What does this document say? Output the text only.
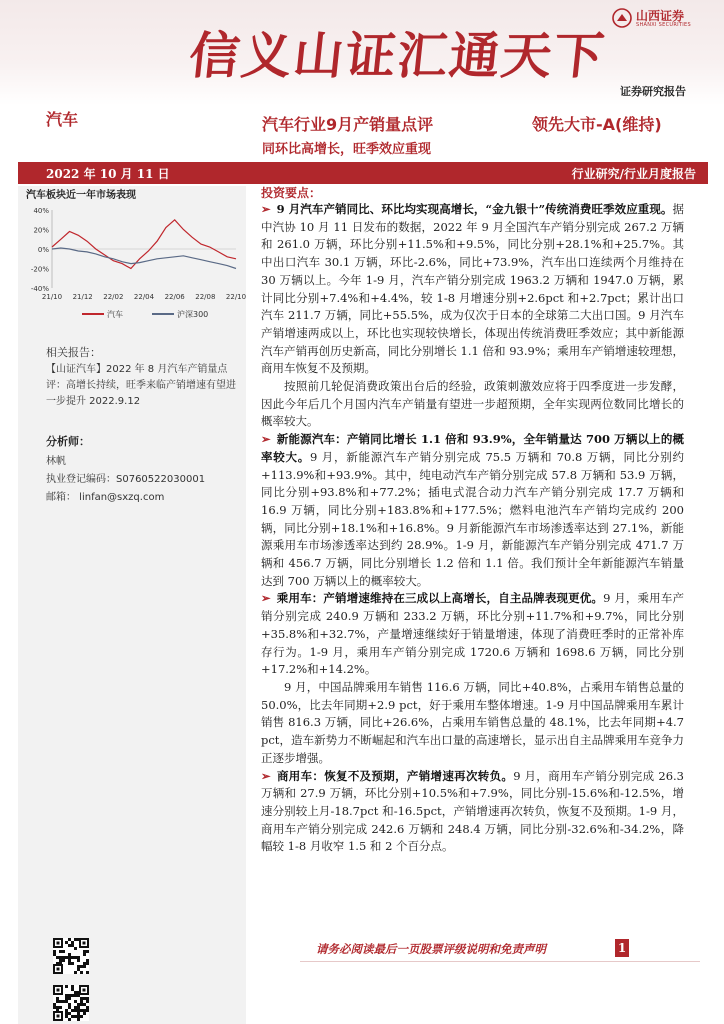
信义山证汇通天下
山西证券
SHANXI SECURITIES
证券研究报告
汽车	汽车行业9月产销量点评	领先大市-A(维持)
同环比高增长，旺季效应重现
2022 年 10 月 11 日	行业研究/行业月度报告
汽车板块近一年市场表现
40%
20%
0%
-20%
-40%
21/10 21/12 22/02 22/04 22/06 22/08 22/10
汽车	沪深300
相关报告：
【山证汽车】2022 年 8 月汽车产销量点评：高增长持续，旺季来临产销增速有望进一步提升 2022.9.12
分析师：
林帆
执业登记编码：S0760522030001
邮箱： linfan@sxzq.com
投资要点：

➢ 9 月汽车产销同比、环比均实现高增长，“金九银十”传统消费旺季效应重现。据中汽协 10 月 11 日发布的数据，2022 年 9 月全国汽车产销分别完成 267.2 万辆和 261.0 万辆，环比分别+11.5%和+9.5%，同比分别+28.1%和+25.7%。其中出口汽车 30.1 万辆，环比-2.6%，同比+73.9%，汽车出口连续两个月维持在 30 万辆以上。今年 1-9 月，汽车产销分别完成 1963.2 万辆和 1947.0 万辆，累计同比分别+7.4%和+4.4%，较 1-8 月增速分别+2.6pct 和+2.7pct；累计出口汽车 211.7 万辆，同比+55.5%，成为仅次于日本的全球第二大出口国。9 月汽车产销增速两成以上，环比也实现较快增长，体现出传统消费旺季效应；其中新能源汽车产销再创历史新高，同比分别增长 1.1 倍和 93.9%；乘用车产销增速较理想，商用车恢复不及预期。

按照前几轮促消费政策出台后的经验，政策刺激效应将于四季度进一步发酵，因此今年后几个月国内汽车产销量有望进一步超预期，全年实现两位数同比增长的概率较大。

➢ 新能源汽车：产销同比增长 1.1 倍和 93.9%，全年销量达 700 万辆以上的概率较大。9 月，新能源汽车产销分别完成 75.5 万辆和 70.8 万辆，同比分别约+113.9%和+93.9%。其中，纯电动汽车产销分别完成 57.8 万辆和 53.9 万辆，同比分别+93.8%和+77.2%；插电式混合动力汽车产销分别完成 17.7 万辆和 16.9 万辆，同比分别+183.8%和+177.5%；燃料电池汽车产销均完成约 200 辆，同比分别+18.1%和+16.8%。9 月新能源汽车市场渗透率达到 27.1%，新能源乘用车市场渗透率达到约 28.9%。1-9 月，新能源汽车产销分别完成 471.7 万辆和 456.7 万辆，同比分别增长 1.2 倍和 1.1 倍。我们预计全年新能源汽车销量达到 700 万辆以上的概率较大。

➢ 乘用车：产销增速维持在三成以上高增长，自主品牌表现更优。9 月，乘用车产销分别完成 240.9 万辆和 233.2 万辆，环比分别+11.7%和+9.7%，同比分别+35.8%和+32.7%，产量增速继续好于销量增速，体现了消费旺季时的正常补库存行为。1-9 月，乘用车产销分别完成 1720.6 万辆和 1698.6 万辆，同比分别+17.2%和+14.2%。

9 月，中国品牌乘用车销售 116.6 万辆，同比+40.8%，占乘用车销售总量的 50.0%，比去年同期+2.9 pct，好于乘用车整体增速。1-9 月中国品牌乘用车累计销售 816.3 万辆，同比+26.6%，占乘用车销售总量的 48.1%，比去年同期+4.7 pct，造车新势力不断崛起和汽车出口量的高速增长，显示出自主品牌乘用车竞争力正逐步增强。

➢ 商用车：恢复不及预期，产销增速再次转负。9 月，商用车产销分别完成 26.3 万辆和 27.9 万辆，环比分别+10.5%和+7.9%，同比分别-15.6%和-12.5%，增速分别较上月-18.7pct 和-16.5pct，产销增速再次转负，恢复不及预期。1-9 月，商用车产销分别完成 242.6 万辆和 248.4 万辆，同比分别-32.6%和-34.2%，降幅较 1-8 月收窄 1.5 和 2 个百分点。

请务必阅读最后一页股票评级说明和免责声明	1
